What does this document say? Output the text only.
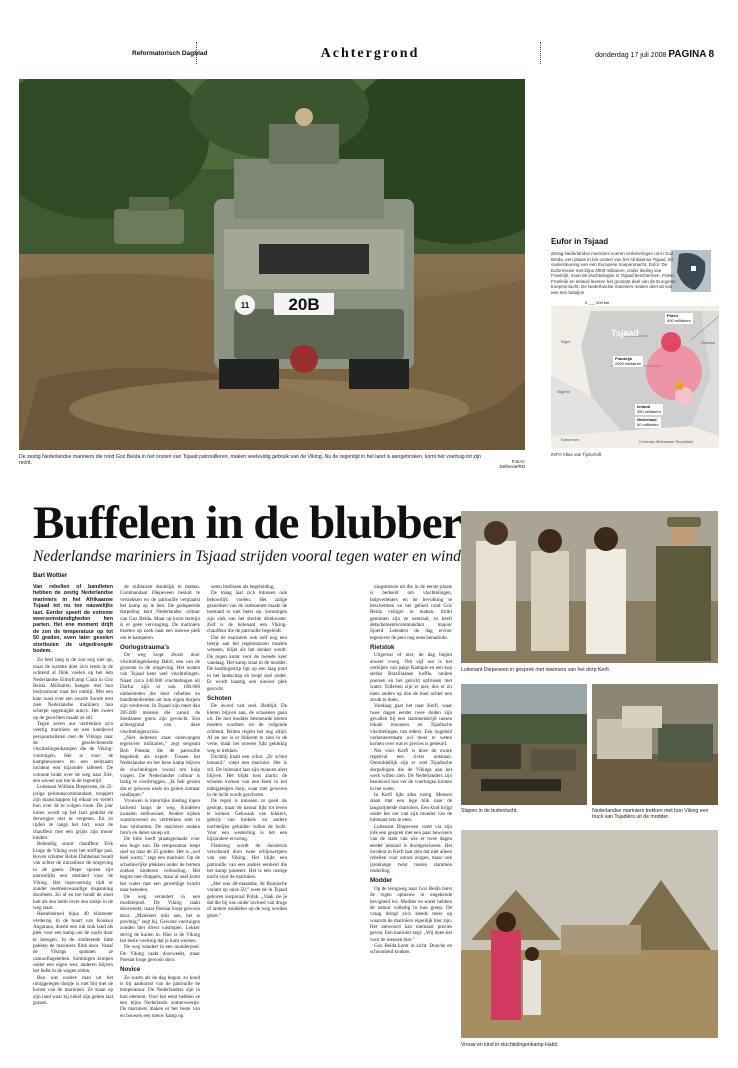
Reformatorisch Dagblad	Achtergrond	donderdag 17 juli 2008 PAGINA 8
20B
11
De zestig Nederlandse mariniers die rond Goz Beïda in het oosten van Tsjaad patrouilleren, maken veelvuldig gebruik van de Viking. Nu de regentijd in het land is aangebroken, komt het voertuig tot zijn recht.	Foto's: Defensie/RD
0 ___ 200 km
Tsjaad
Niger	Soedan
Nigeria
Kameroen	Centraal-Afrikaanse Republiek
Polen
400 militairen
Frankrijk
2000 militairen
Ierland
350 militairen
Nederland
60 militairen
Eufor in Tsjaad
Zestig Nederlandse mariniers voeren verkenningen uit in Goz Beïda, een plaats in het oosten van het Afrikaanse Tsjaad, ter ondersteuning van een Europese troepenmacht, Eufor. De Euformissie met bijna 4000 militairen, onder leiding van Frankrijk, moet de vluchtelingen in Tsjaad beschermen. Polen, Frankrijk en Ierland leveren het grootste deel van de Europese troepenmacht. De Nederlandse mariniers maken deel uit van een Iers bataljon.
INFO Atlas van Tijdschrift
Buffelen in de blubber
Nederlandse mariniers in Tsjaad strijden vooral tegen water en wind
Bart Wottier

Van rebellen of bandieten hebben de zestig Nederlandse mariniers in het Afrikaanse Tsjaad tot nu toe nauwelijks last. Eerder speelt de extreme weersomstandigheden hen parten. Het ene moment drijft de zon de temperatuur op tot 50 graden, even later geselen stortbuien de uitgedroogde bodem.

Zo heel lang is de zon nog niet op, maar de warmte doet zich reeds in de ochtend al flink voelen op het lem Nederlandse Enforfcamp Ciara in Goz Beïda. Militairen hangen met hun bodyarmour naar het onthijt. Met een kant toast over een zwarte Soorte nest zien Nederlandse mariniers hun scherpe opgetuigde auto's. Het zweet op de gezichten maakt ze stil.

Tegen zeven uur vertrekken zo'n veertig mariniers en een handjevol persjournalisten met de Vikings naar de geselectienerde vluchtelingenkampen die de Viking-voertuigen. Het is voor de kampbewoners en een zeldzaam incident een bijzonder tafereel. De colonne brakt over de weg naar Siré, een zoveel uur toe in de regentijd.

Luitenant William Diepeveen, de 25-jarige pelotonscommandant, moppert zijn manschappen bij elkaar en vertelt hun over de te volgen route. De jour luiten wordt op het hart gedrukt de derwegjes niet te vergeten. En zo rijden ze langs het fort, waar de chauffeur met een grijns zijn motor hindert.

Behendig stuurt chauffeur Erik Linge de Viking over het stoffige pad. Boven schutter Robin Dubbelaar houdt van achter de mitrailleur de omgeving in de gaten. Diepe sporen zijn nauwelijks een obstakel voor de Viking. Het rupsvoertuig rijdt er zonder noemenswaardige inspanning doorheen. Zo af en toe houdt de stoet halt als een lamb rover een stukje in de weg staat.

Hemelsbreed bijna 40 kilometer verderop, in de buurt van Koukou Angarana, doemt een ruk stuk land als plek voor een kamp om de nacht door te brengen. In de zinderende hitte pakken de mariniers flink door. Vanaf de Vikings spannen ze camouflagenetten. Sommigen kruipen onder een eigen tent, anderen blijven het liefst in de wagen zitten.

Ben wat nodere man uit het ruhiggelegen dorpje is niet blij met de komst van de mariniers. Ze staan op zijn land waar hij enkel zijn geiten laat grazen.

de militairen duidelijk te maken. Commandant Diepeveen besluit te vertrekken en de patrouille verplaatst het kamp op te ben. De gedupeerde dorpeling kent Nederlandse cultuur van Goz Beïda. Maar op korte termijn is er geen vervanging. De mariniers moeten op zoek naar een nieuwe plek om te kamperen.

Oorlogstrauma's

De weg loopt dwars door vluchtelingenkamp Habil, een van de grootste in de omgeving. Het oosten van Tsjaad kent veel vluchtelingen. Naast circa 240.000 vluchtelingen uit Darfur zijn er ook 180.000 ontheemden die door rebellen en bandietenbenden uit hun eigen dorpen zijn verdreven. In Tsjaad zijn meer dan 285.000 mensen die vanuit de Soedanese grens zijn gevlucht. Een achtergrond van deze vluchtelingencrisis.

„Niet iedereen staat onbevangen tegenover militairen,” zegt sergeant Rob Poesiat, die de patrouille begeleidt als expert. Tussen het Nederlandse en het Ierse kamp blijven de vluchtelingen vooral om hulp vragen. De Nederlandse cultuur is lastig te overbruggen. „Ik heb gezien dat er gewoon ezels en geiten zomaar rondlopen.”

Vrouwen in kleurrijke kleding lopen lachend langs de weg. Kinderen zwaaien enthousiast. Andere kijken wantrouwend en vertrekken snel in hun strohutten. De mariniers maken foto's en delen snoep uit.

De bitte hoeft plaatsgemaakt voor een hoge zon. De temperatuur loopt snel op naar de 45 graden. Het is „wel heel warm,” zegt een marinier. Op de schaduwrijke plekken onder de bomen zoeken kinderen verkoeling. Het begint met druppels, maar al snel komt het water met een geweldige kracht naar beneden.

De weg verandert in een modderpoel. De Viking raakt doorweekt, maar Poesiat loopt gewoon door. „Mankeert niks aan, het is prachtig,” zegt hij. Gewone voertuigen zouden hier direct vastlopen. Lekker stevig de kuilen in. Hier is de Viking het beste voertuig dat je kunt wensen.

De weg wandert in een modderpoel. De Viking raakt doorweekt, maar Poesiat loopt gewoon door.

Novice

Zo warm als de dag begon, zo koud is bij aankomst van de patrouille de temperatuur. De Nederlanders zijn in hun element. Voor het eerst hebben ze een bijna Nederlands zomerweertje. De mariniers maken er het beste van en bouwen een nieuw kamp op.

zeten beslissen als begeleiding.

De maag laat zich intussen ook behoorlijk voelen. Het zalige gesnerken van de rantsoenen maakt de toestand er niet beter op. Sommigen zijn ziek van het slechte drinkwater. Zelf is de luitenant een Viking-chauffeur die de patrouille begeleidt.

Dat de mariniers ook zelf nog een beetje aan het regenseizoen moeten wennen, blijkt als het donker wordt. De regen komt voor de tweede keer vandaag. Het kamp staat in de modder. De landingsstrip ligt op een laag punt in het landschap en loopt snel onder. Er wordt haastig een nieuwe plek gezocht.

Schoten

De avond valt snel. Bedtijd. De kleren blijven aan, de schoenen gaan uit. De met modder besmeurde kleren moeten wachten tot de volgende ochtend. Buiten regent het nog altijd. Af en toe is er bliksem te zien in de verte, maar het onweer lijkt gelukkig weg te trekken.

Dichtbij knalt een schot. „Er schiet iemand,” roept een marinier. Het is stil. De luitenant laat zijn mannen alert blijven. Het blijkt loos alarm: de schoten komen van een feest in het nabijgelegen dorp, waar met geweren in de lucht wordt geschoten.

De regen is intussen zo goed als gestopt, maar de natuur lijkt tot leven te komen. Gekwaak van kikkers, gekrijs van krekels en andere nachtelijke geluiden vullen de lucht. Voor een westerling is het een bijzondere ervaring.

Flamstog wordt de duisternis verscheurd door twee schijnwerpers van een Viking. Het blijkt een patrouille van een andere eenheid die het kamp passeert. Het is een rustige nacht voor de mariniers.

„Het was 40-maandse, de Russische variant op onze 50,” weet de in Tsjaad geboren korporaal Polak. „Vaak zie je dat die bij ons onder invloed van drugs of andere middelen op de weg worden gezet.”

ningsmissie uit die in de eerste plaats is bedoeld om vluchtelingen, hulpverleners en de bevolking te beschermen en het gebied rond Goz Beïda veiliger te maken. Strikt genomen zijn ze neutraal, zo heeft detachementscommandant majoor Sjoerd Leenders de dag ervoor tegenover de pers nog eens benadrukt.

Rietstok

Uitgerust of niet, de dag begint alweer vroeg. Om vijf uur is het ontbijten van pakje Kadupis en een kop sterke Braziliaanse koffie, tanden poetsen en het gezicht opfrissen met water. Tollerten zijn er niet, dus er zit niets anders op dan de boel achter een struik te doen.

Vandaag gaat het naar Kerfi, waar twee dagen eerder twee doden zijn gevallen bij een stammenstrijd tussen lokale inwoners en Tsjadische vluchtelingen van elders. Een ongeleid verkennersteam wil meer te weten komen over wat er precies is gebeurd.

Net voor Kerfi is door de zware regenval een rivier ontstaan. Onmiddellijk zijn er veel Tsjadische dorpelingen die de Vikings aan het werk willen zien. De Nederlanders zijn benieuwd hoe ver de voertuigen komen in het water.

In Kerfi lijkt alles rustig. Mensen staan met een lege blik naar de langsrijdende mariniers. Een kind krijgt onder het oor van zijn moeder van de luitenant iets te eten.

Luitenant Diepeveen voert via zijn tolk een gesprek met een paar bewoners van de stam van wie er twee dagen eerder iemand is doodgeschoten. Het incident in Kerfi laat zien dat niet alleen rebellen voor onrust zorgen, maar ook jarenlange twist tussen stammen onderling.

Modder

Op de terugweg naar Goz Beïda barst de regen opnieuw in ongekende hevigheid los. Modder en water hebben de natuur volledig in hun greep. De vraag dringt zich steeds meer op waarom de mariniers eigenlijk hier zijn. Het antwoord kan niemand precies geven. Een marinier zegt: „Wij doen het voor de mensen hier.”

Goz Beïda komt in zicht. Douche en schoonheid konken.

Luitenant Diepeveen in gesprek met inwoners van het dorp Kerfi.
Slapen in de buitenlucht.	Nederlandse mariniers trekken met hun Viking een truck van Tsjadiërs uit de modder.
Vrouw en kind in vluchtelingenkamp Habil.
